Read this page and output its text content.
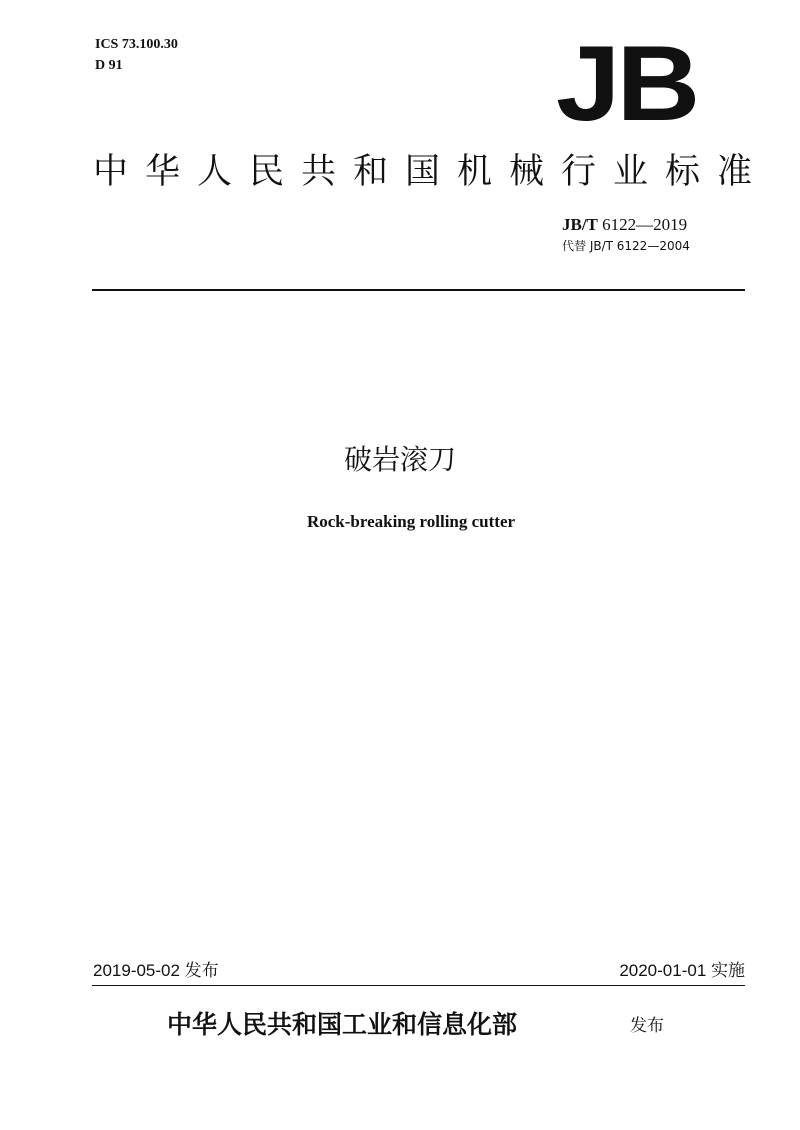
ICS 73.100.30
D 91	JB
中华人民共和国机械行业标准
JB/T 6122—2019
代替 JB/T 6122—2004
破岩滚刀
Rock-breaking rolling cutter
2019-05-02 发布	2020-01-01 实施
中华人民共和国工业和信息化部	发布
